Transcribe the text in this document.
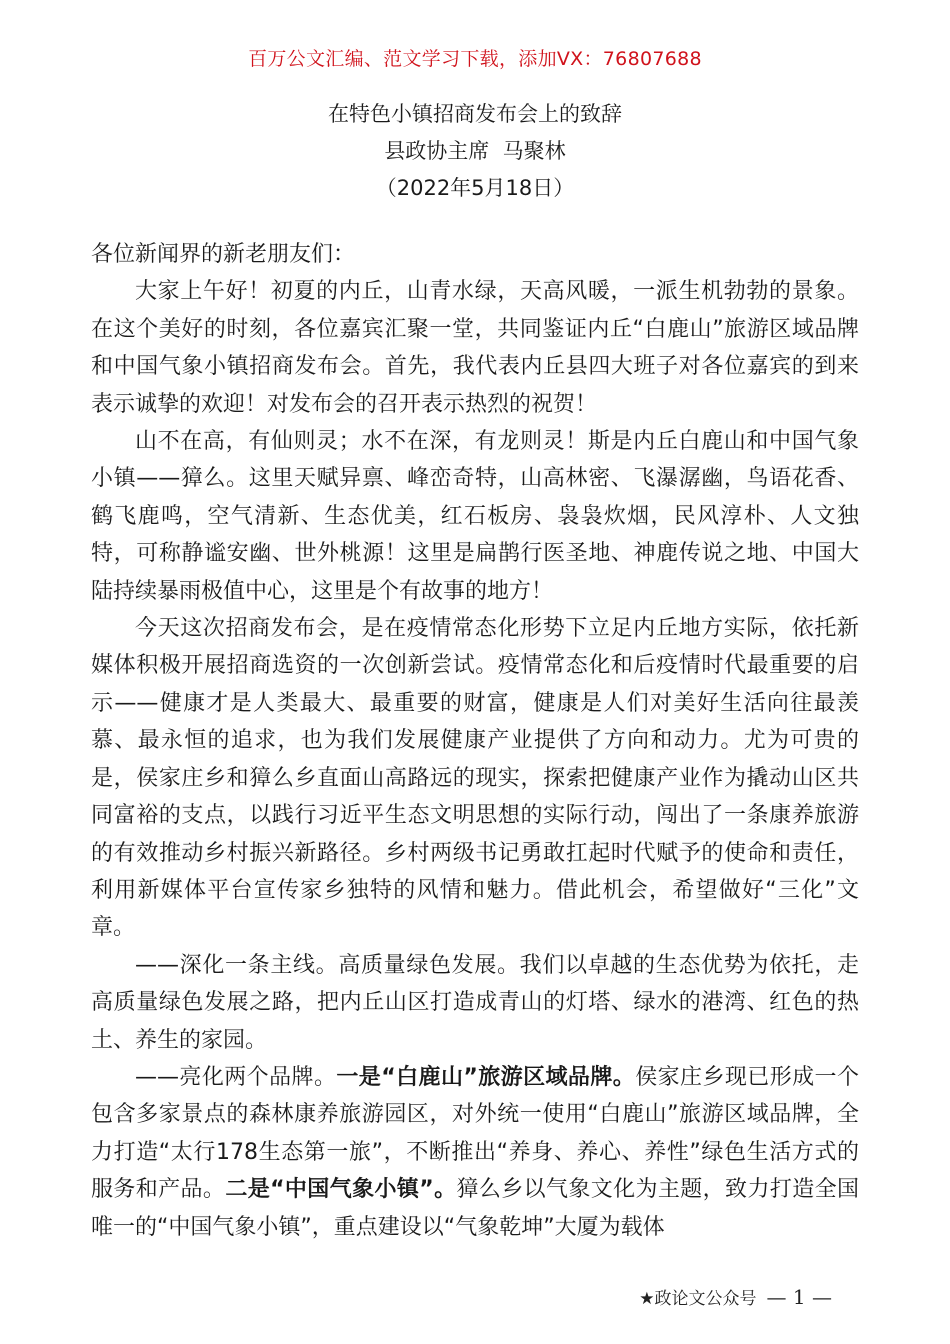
百万公文汇编、范文学习下载，添加VX：76807688
在特色小镇招商发布会上的致辞
县政协主席  马聚林
（2022年5月18日）

各位新闻界的新老朋友们：

大家上午好！初夏的内丘，山青水绿，天高风暖，一派生机勃勃的景象。在这个美好的时刻，各位嘉宾汇聚一堂，共同鉴证内丘“白鹿山”旅游区域品牌和中国气象小镇招商发布会。首先，我代表内丘县四大班子对各位嘉宾的到来表示诚挚的欢迎！对发布会的召开表示热烈的祝贺！

山不在高，有仙则灵；水不在深，有龙则灵！斯是内丘白鹿山和中国气象小镇——獐么。这里天赋异禀、峰峦奇特，山高林密、飞瀑潺幽，鸟语花香、鹤飞鹿鸣，空气清新、生态优美，红石板房、袅袅炊烟，民风淳朴、人文独特，可称静谧安幽、世外桃源！这里是扁鹊行医圣地、神鹿传说之地、中国大陆持续暴雨极值中心，这里是个有故事的地方！

今天这次招商发布会，是在疫情常态化形势下立足内丘地方实际，依托新媒体积极开展招商选资的一次创新尝试。疫情常态化和后疫情时代最重要的启示——健康才是人类最大、最重要的财富，健康是人们对美好生活向往最羡慕、最永恒的追求，也为我们发展健康产业提供了方向和动力。尤为可贵的是，侯家庄乡和獐么乡直面山高路远的现实，探索把健康产业作为撬动山区共同富裕的支点，以践行习近平生态文明思想的实际行动，闯出了一条康养旅游的有效推动乡村振兴新路径。乡村两级书记勇敢扛起时代赋予的使命和责任，利用新媒体平台宣传家乡独特的风情和魅力。借此机会，希望做好“三化”文章。

——深化一条主线。高质量绿色发展。我们以卓越的生态优势为依托，走高质量绿色发展之路，把内丘山区打造成青山的灯塔、绿水的港湾、红色的热土、养生的家园。

——亮化两个品牌。一是“白鹿山”旅游区域品牌。侯家庄乡现已形成一个包含多家景点的森林康养旅游园区，对外统一使用“白鹿山”旅游区域品牌，全力打造“太行178生态第一旅”，不断推出“养身、养心、养性”绿色生活方式的服务和产品。二是“中国气象小镇”。獐么乡以气象文化为主题，致力打造全国唯一的“中国气象小镇”，重点建设以“气象乾坤”大厦为载体

★政论文公众号 — 1 —
